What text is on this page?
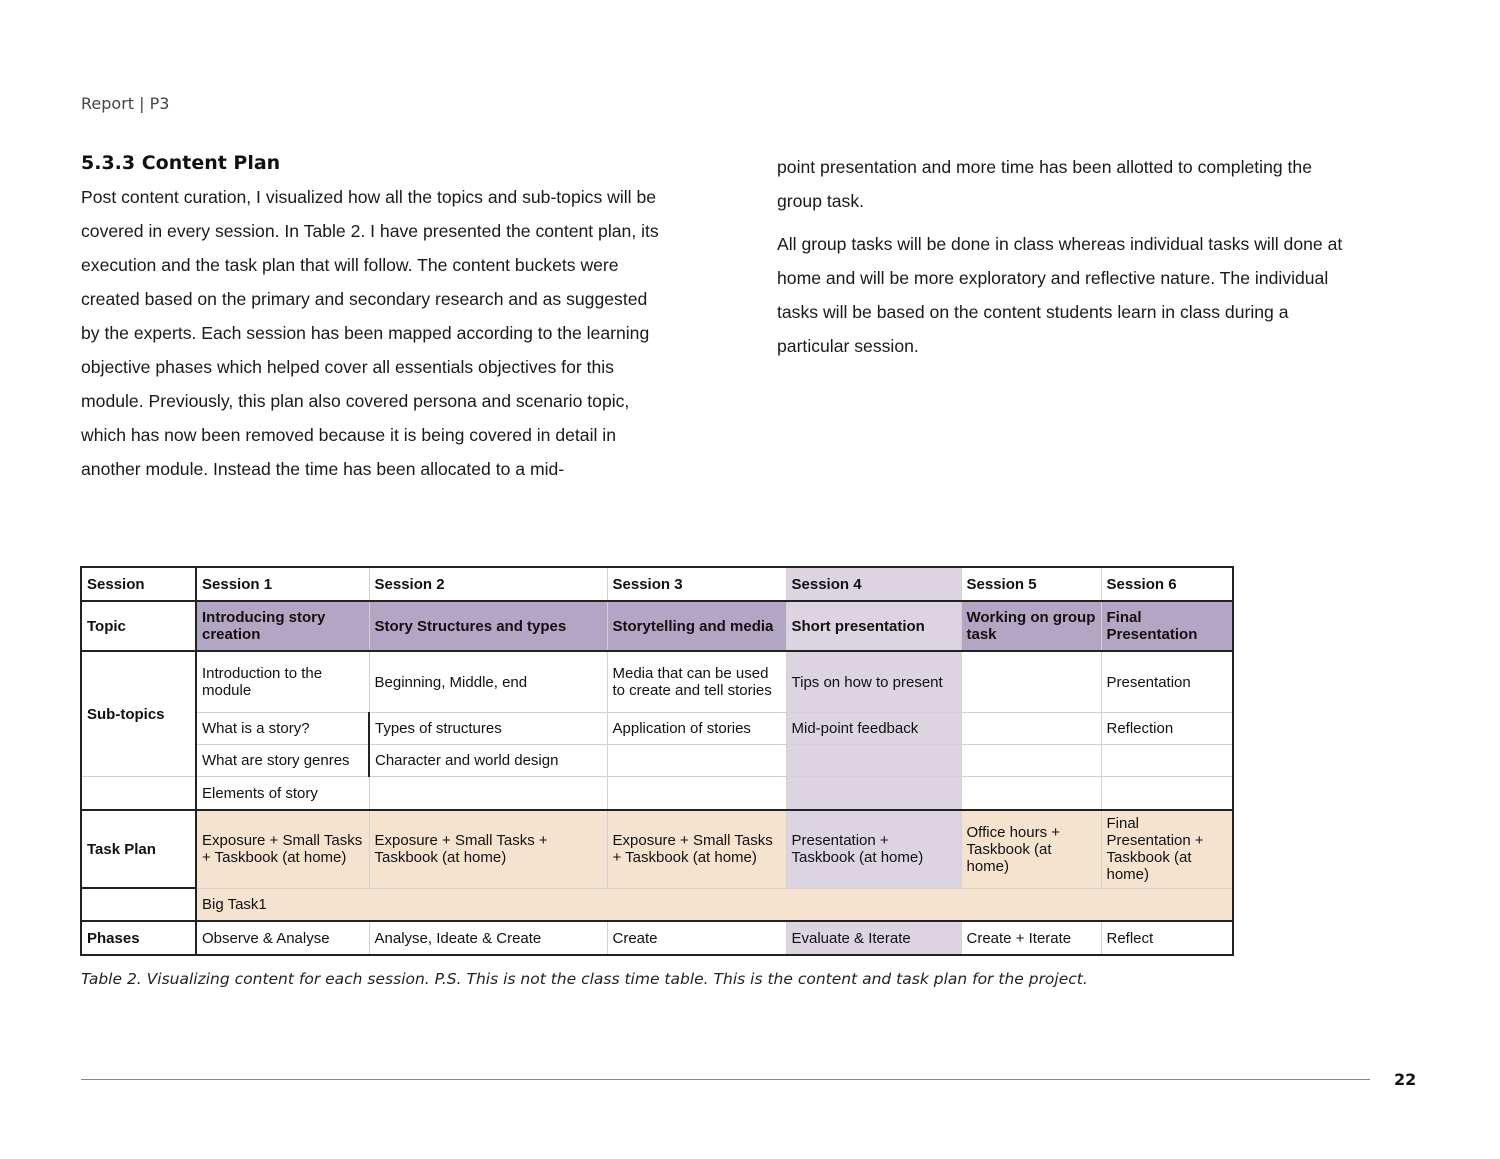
Report | P3
5.3.3 Content Plan

Post content curation, I visualized how all the topics and sub-topics will be covered in every session. In Table 2. I have presented the content plan, its execution and the task plan that will follow. The content buckets were created based on the primary and secondary research and as suggested by the experts. Each session has been mapped according to the learning objective phases which helped cover all essentials objectives for this module. Previously, this plan also covered persona and scenario topic, which has now been removed because it is being covered in detail in another module. Instead the time has been allocated to a mid-

point presentation and more time has been allotted to completing the group task.

All group tasks will be done in class whereas individual tasks will done at home and will be more exploratory and reflective nature. The individual tasks will be based on the content students learn in class during a particular session.

Session	Session 1	Session 2	Session 3	Session 4	Session 5	Session 6
Topic	Introducing story creation	Story Structures and types	Storytelling and media	Short presentation	Working on group task	Final Presentation
Sub-topics	Introduction to the module	Beginning, Middle, end	Media that can be used to create and tell stories	Tips on how to present		Presentation
	What is a story?	Types of structures	Application of stories	Mid-point feedback		Reflection
	What are story genres	Character and world design				
	Elements of story					
Task Plan	Exposure + Small Tasks + Taskbook (at home)	Exposure + Small Tasks + Taskbook (at home)	Exposure + Small Tasks + Taskbook (at home)	Presentation + Taskbook (at home)	Office hours + Taskbook (at home)	Final Presentation + Taskbook (at home)
	Big Task1					
Phases	Observe & Analyse	Analyse, Ideate & Create	Create	Evaluate & Iterate	Create + Iterate	Reflect
Table 2. Visualizing content for each session. P.S. This is not the class time table. This is the content and task plan for the project.
22
